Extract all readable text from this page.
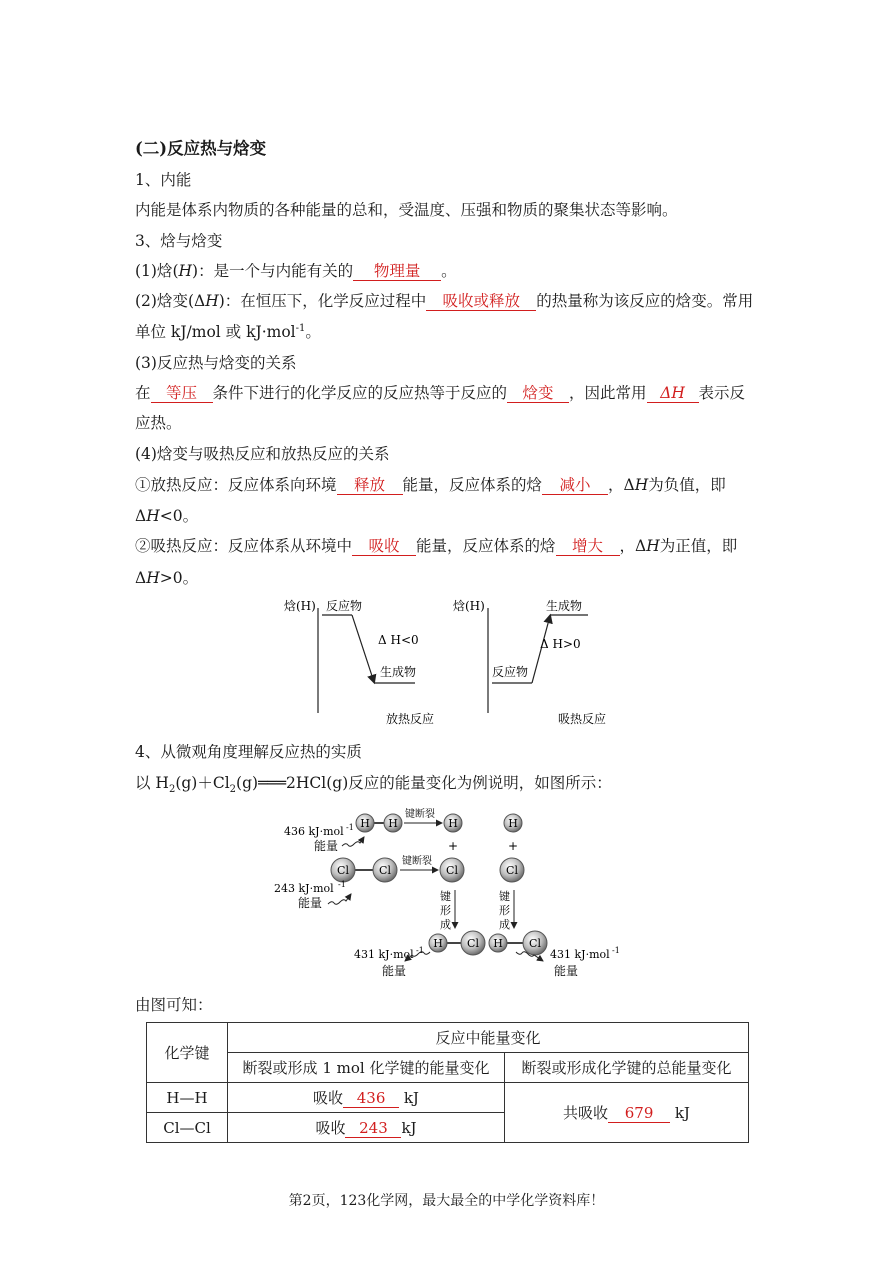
(二)反应热与焓变
1、内能
内能是体系内物质的各种能量的总和，受温度、压强和物质的聚集状态等影响。
3、焓与焓变
(1)焓(H)：是一个与内能有关的 物理量 。
(2)焓变(ΔH)：在恒压下，化学反应过程中 吸收或释放 的热量称为该反应的焓变。常用
单位 kJ/mol 或 kJ·mol$^{-1}$。
(3)反应热与焓变的关系
在 等压 条件下进行的化学反应的反应热等于反应的 焓变 ，因此常用 ΔH 表示反
应热。
(4)焓变与吸热反应和放热反应的关系
①放热反应：反应体系向环境 释放 能量，反应体系的焓 减小 ，ΔH为负值，即
ΔH<0。
②吸热反应：反应体系从环境中 吸收 能量，反应体系的焓 增大 ，ΔH为正值，即
ΔH>0。
焓(H) 反应物
生成物
Δ H<0
放热反应
焓(H)
反应物
生成物
Δ H>0
吸热反应
4、从微观角度理解反应热的实质
以 $H_2(g)+Cl_2(g)═══2HCl(g)$反应的能量变化为例说明，如图所示：
H H
键断裂
H	H
+	+
436 kJ·mol -1
能量
Cl	Cl
键断裂
Cl	Cl
243 kJ·mol -1
能量	键
形
成
键
形
成
H Cl H Cl
431 kJ·mol -1
能量
431 kJ·mol -1
能量
由图可知：
化学键	反应中能量变化	
	断裂或形成 1 mol 化学键的能量变化	断裂或形成化学键的总能量变化
H—H	吸收 436 kJ	共吸收 679 kJ
Cl—Cl	吸收 243 kJ	
第2页，123化学网，最大最全的中学化学资料库！
